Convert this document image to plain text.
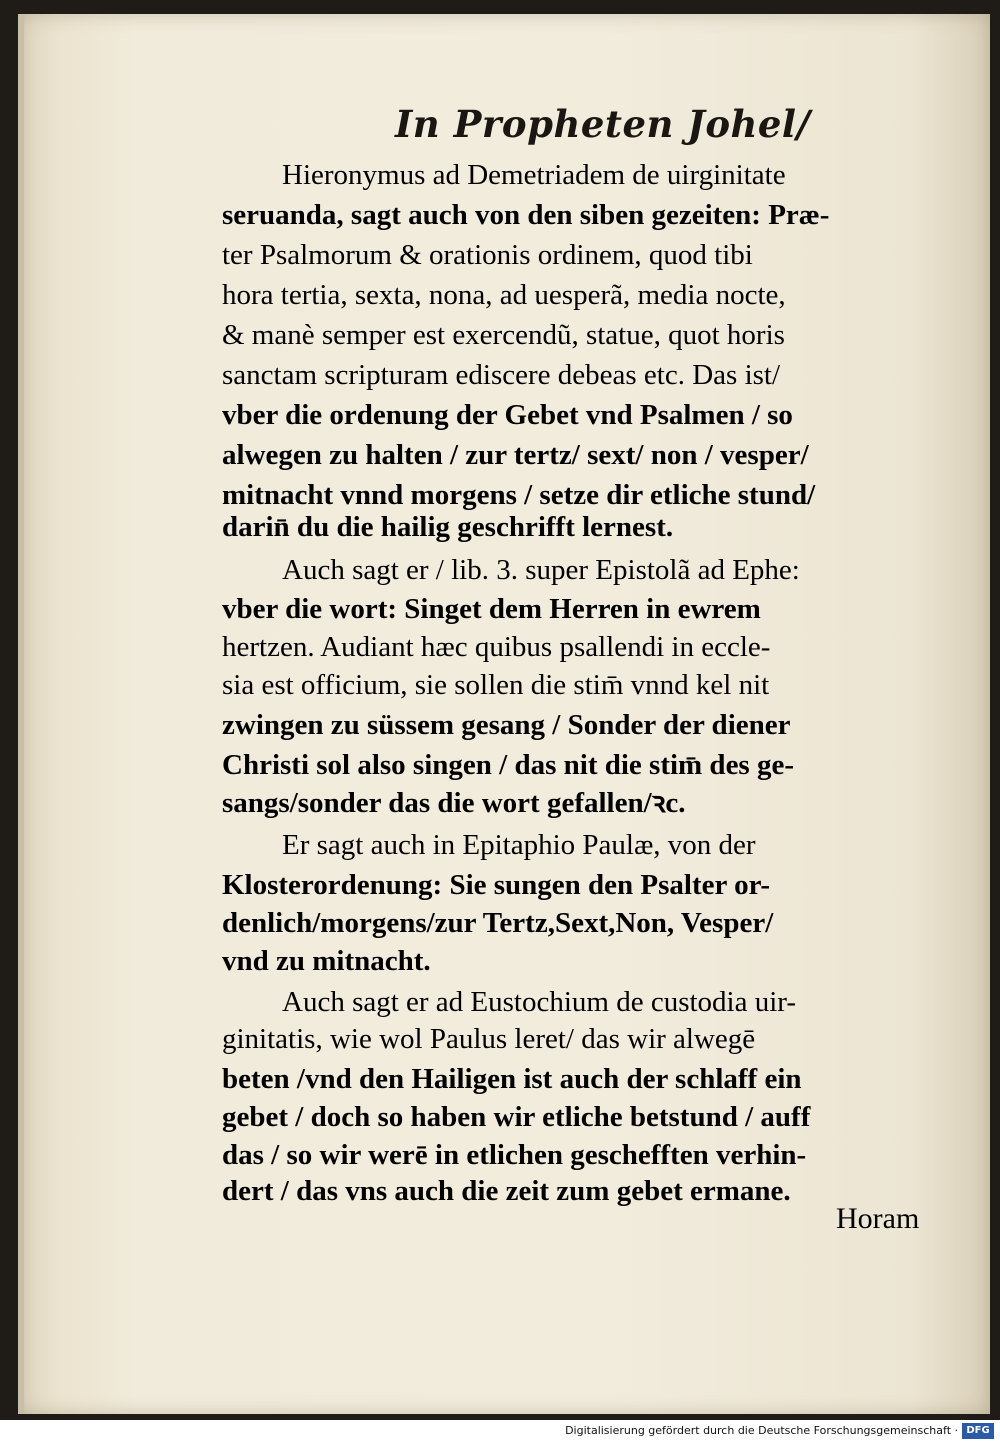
In Propheten Johel/
Hieronymus ad Demetriadem de uirginitate
seruanda, sagt auch von den siben gezeiten: Præ-
ter Psalmorum & orationis ordinem, quod tibi
hora tertia, sexta, nona, ad uesperã, media nocte,
& manè semper est exercendũ, statue, quot horis
sanctam scripturam ediscere debeas etc. Das ist/
vber die ordenung der Gebet vnd Psalmen / so
alwegen zu halten / zur tertz/ sext/ non / vesper/
mitnacht vnnd morgens / setze dir etliche stund/
darin̄ du die hailig geschrifft lernest.
Auch sagt er / lib. 3. super Epistolã ad Ephe:
vber die wort: Singet dem Herren in ewrem
hertzen. Audiant hæc quibus psallendi in eccle-
sia est officium, sie sollen die stim̄ vnnd kel nit
zwingen zu süssem gesang / Sonder der diener
Christi sol also singen / das nit die stim̄ des ge-
sangs/sonder das die wort gefallen/ꝛc.
Er sagt auch in Epitaphio Paulæ, von der
Klosterordenung: Sie sungen den Psalter or-
denlich/morgens/zur Tertz,Sext,Non, Vesper/
vnd zu mitnacht.
Auch sagt er ad Eustochium de custodia uir-
ginitatis, wie wol Paulus leret/ das wir alwegē
beten /vnd den Hailigen ist auch der schlaff ein
gebet / doch so haben wir etliche betstund / auff
das / so wir werē in etlichen geschefften verhin-
dert / das vns auch die zeit zum gebet ermane.
Horam
Digitalisierung gefördert durch die Deutsche Forschungsgemeinschaft · DFG
